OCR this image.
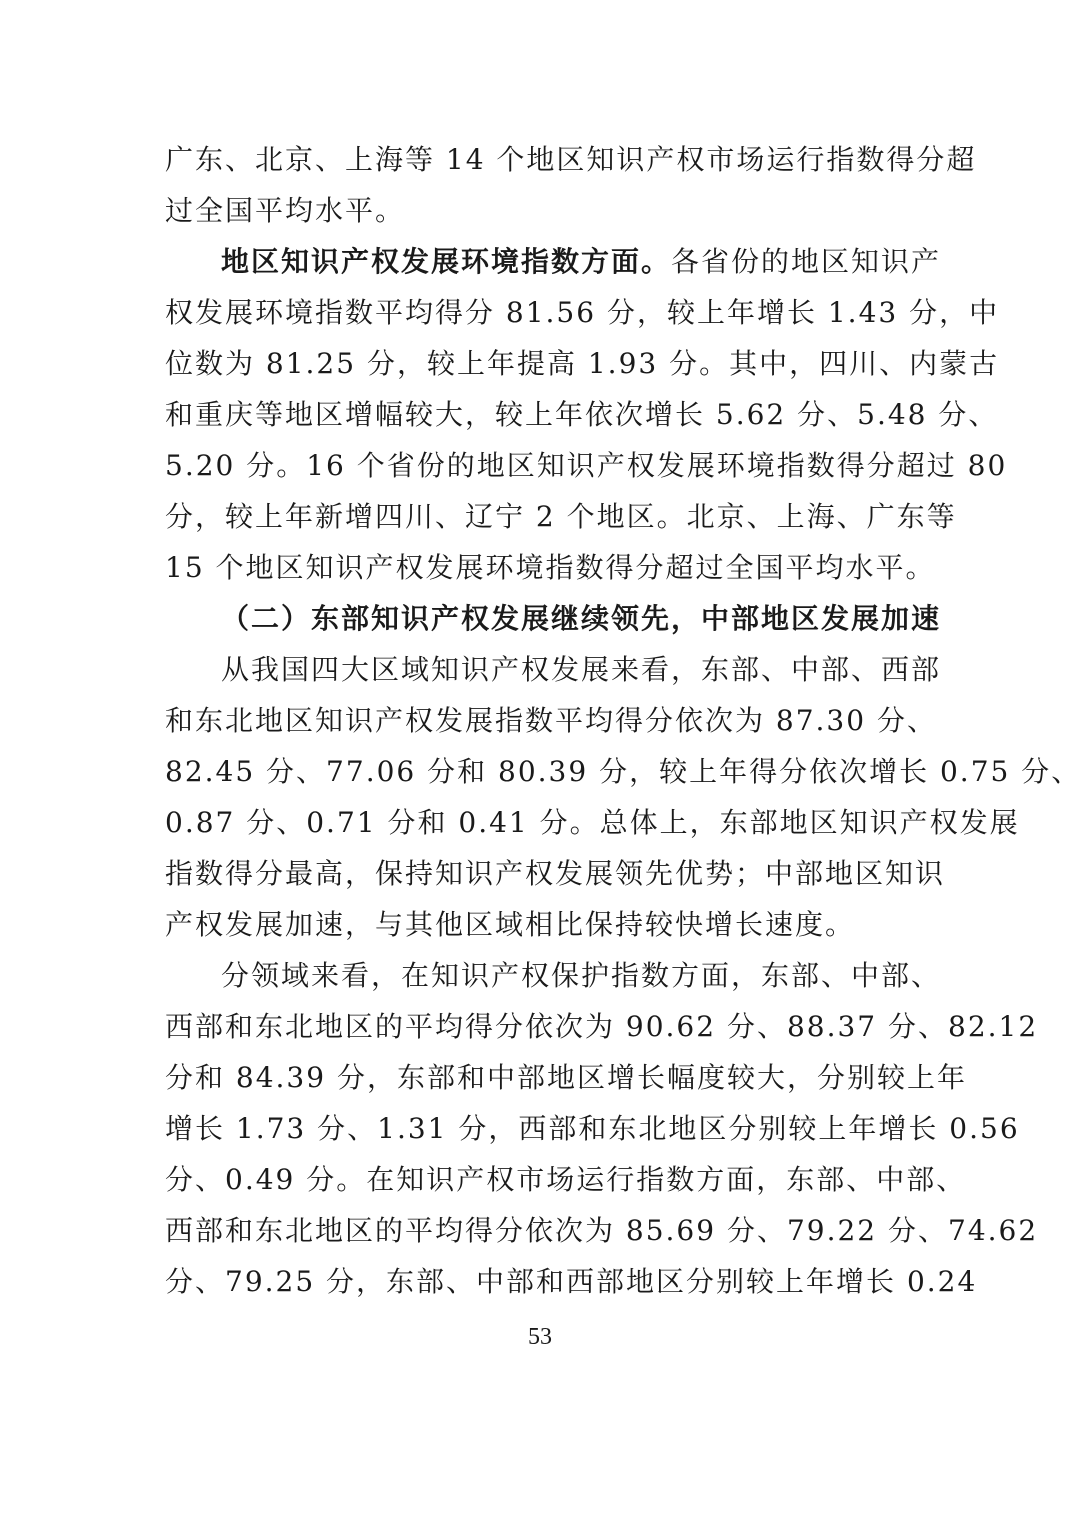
广东、北京、上海等 14 个地区知识产权市场运行指数得分超
过全国平均水平。
地区知识产权发展环境指数方面。各省份的地区知识产
权发展环境指数平均得分 81.56 分，较上年增长 1.43 分，中
位数为 81.25 分，较上年提高 1.93 分。其中，四川、内蒙古
和重庆等地区增幅较大，较上年依次增长 5.62 分、5.48 分、
5.20 分。16 个省份的地区知识产权发展环境指数得分超过 80
分，较上年新增四川、辽宁 2 个地区。北京、上海、广东等
15 个地区知识产权发展环境指数得分超过全国平均水平。
（二）东部知识产权发展继续领先，中部地区发展加速
从我国四大区域知识产权发展来看，东部、中部、西部
和东北地区知识产权发展指数平均得分依次为 87.30 分、
82.45 分、77.06 分和 80.39 分，较上年得分依次增长 0.75 分、
0.87 分、0.71 分和 0.41 分。总体上，东部地区知识产权发展
指数得分最高，保持知识产权发展领先优势；中部地区知识
产权发展加速，与其他区域相比保持较快增长速度。
分领域来看，在知识产权保护指数方面，东部、中部、
西部和东北地区的平均得分依次为 90.62 分、88.37 分、82.12
分和 84.39 分，东部和中部地区增长幅度较大，分别较上年
增长 1.73 分、1.31 分，西部和东北地区分别较上年增长 0.56
分、0.49 分。在知识产权市场运行指数方面，东部、中部、
西部和东北地区的平均得分依次为 85.69 分、79.22 分、74.62
分、79.25 分，东部、中部和西部地区分别较上年增长 0.24
53
